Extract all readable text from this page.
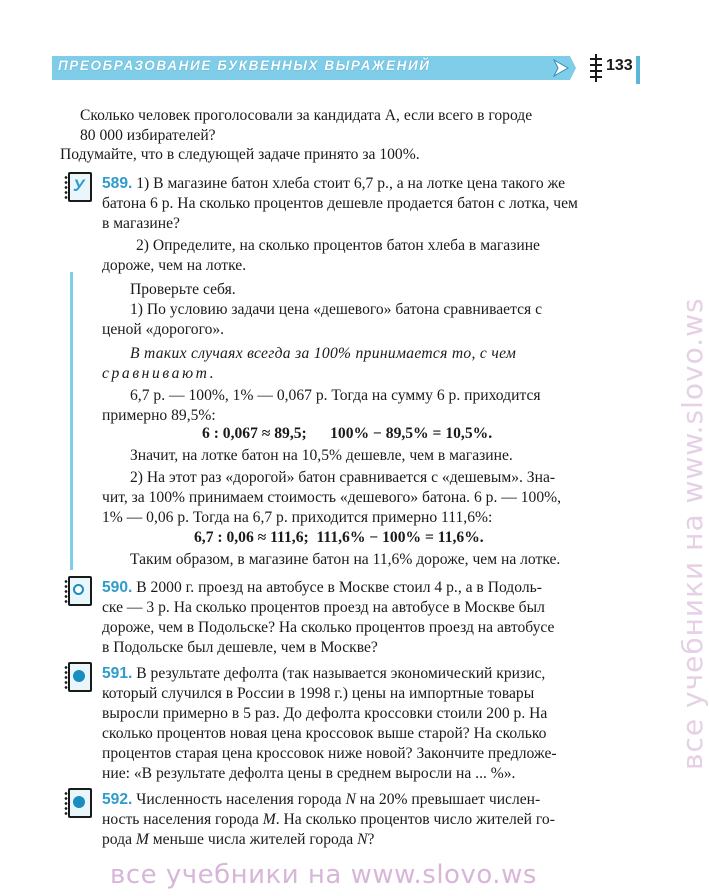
ПРЕОБРАЗОВАНИЕ БУКВЕННЫХ ВЫРАЖЕНИЙ	133
Сколько человек проголосовали за кандидата А, если всего в городе
80 000 избирателей?
Подумайте, что в следующей задаче принято за 100%.
У 589. 1) В магазине батон хлеба стоит 6,7 р., а на лотке цена такого же
батона 6 р. На сколько процентов дешевле продается батон с лотка, чем
в магазине?
2) Определите, на сколько процентов батон хлеба в магазине
дороже, чем на лотке.
Проверьте себя.
1) По условию задачи цена «дешевого» батона сравнивается с
ценой «дорогого».
В таких случаях всегда за 100% принимается то, с чем
сравнивают.
6,7 р. — 100%, 1% — 0,067 р. Тогда на сумму 6 р. приходится
примерно 89,5%:
6 : 0,067 ≈ 89,5;      100% − 89,5% = 10,5%.
Значит, на лотке батон на 10,5% дешевле, чем в магазине.
2) На этот раз «дорогой» батон сравнивается с «дешевым». Зна-
чит, за 100% принимаем стоимость «дешевого» батона. 6 р. — 100%,
1% — 0,06 р. Тогда на 6,7 р. приходится примерно 111,6%:
6,7 : 0,06 ≈ 111,6;  111,6% − 100% = 11,6%.
Таким образом, в магазине батон на 11,6% дороже, чем на лотке.
590. В 2000 г. проезд на автобусе в Москве стоил 4 р., а в Подоль-
ске — 3 р. На сколько процентов проезд на автобусе в Москве был
дороже, чем в Подольске? На сколько процентов проезд на автобусе
в Подольске был дешевле, чем в Москве?
591. В результате дефолта (так называется экономический кризис,
который случился в России в 1998 г.) цены на импортные товары
выросли примерно в 5 раз. До дефолта кроссовки стоили 200 р. На
сколько процентов новая цена кроссовок выше старой? На сколько
процентов старая цена кроссовок ниже новой? Закончите предложе-
ние: «В результате дефолта цены в среднем выросли на ... %».
592. Численность населения города N на 20% превышает числен-
ность населения города M. На сколько процентов число жителей го-
рода M меньше числа жителей города N?
все учебники на www.slovo.ws
все учебники на www.slovo.ws
